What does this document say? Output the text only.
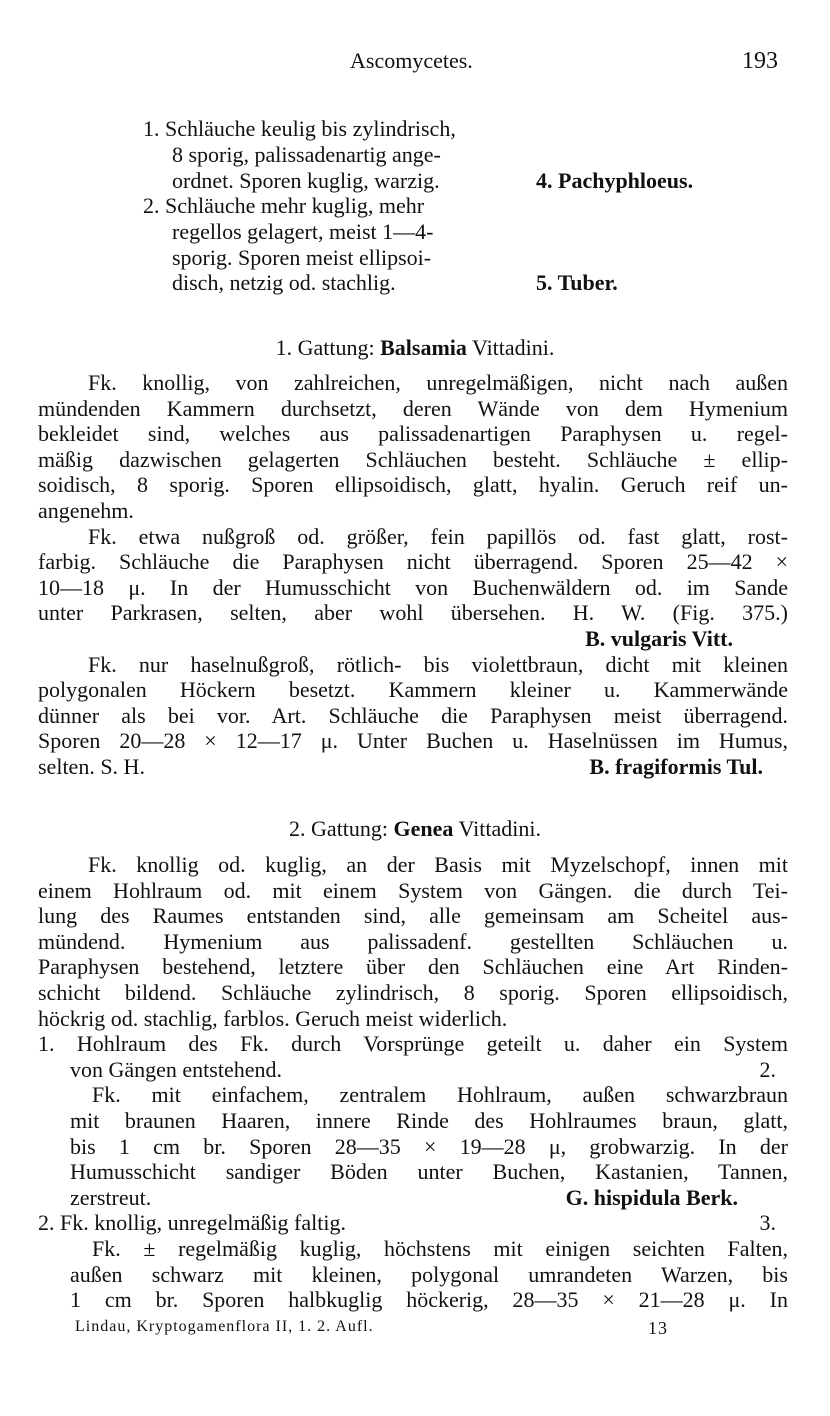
Ascomycetes.	193
1. Schläuche keulig bis zylindrisch,
8 sporig, palissadenartig ange-
ordnet. Sporen kuglig, warzig.	4. Pachyphloeus.
2. Schläuche mehr kuglig, mehr
regellos gelagert, meist 1—4-
sporig. Sporen meist ellipsoi-
disch, netzig od. stachlig.	5. Tuber.
1. Gattung: Balsamia Vittadini.
Fk. knollig, von zahlreichen, unregelmäßigen, nicht nach außen
mündenden Kammern durchsetzt, deren Wände von dem Hymenium
bekleidet sind, welches aus palissadenartigen Paraphysen u. regel-
mäßig dazwischen gelagerten Schläuchen besteht. Schläuche ± ellip-
soidisch, 8 sporig. Sporen ellipsoidisch, glatt, hyalin. Geruch reif un-
angenehm.
Fk. etwa nußgroß od. größer, fein papillös od. fast glatt, rost-
farbig. Schläuche die Paraphysen nicht überragend. Sporen 25—42 ×
10—18 μ. In der Humusschicht von Buchenwäldern od. im Sande
unter Parkrasen, selten, aber wohl übersehen. H. W. (Fig. 375.)
B. vulgaris Vitt.
Fk. nur haselnußgroß, rötlich- bis violettbraun, dicht mit kleinen
polygonalen Höckern besetzt. Kammern kleiner u. Kammerwände
dünner als bei vor. Art. Schläuche die Paraphysen meist überragend.
Sporen 20—28 × 12—17 μ. Unter Buchen u. Haselnüssen im Humus,
selten. S. H.	B. fragiformis Tul.
2. Gattung: Genea Vittadini.
Fk. knollig od. kuglig, an der Basis mit Myzelschopf, innen mit
einem Hohlraum od. mit einem System von Gängen. die durch Tei-
lung des Raumes entstanden sind, alle gemeinsam am Scheitel aus-
mündend. Hymenium aus palissadenf. gestellten Schläuchen u.
Paraphysen bestehend, letztere über den Schläuchen eine Art Rinden-
schicht bildend. Schläuche zylindrisch, 8 sporig. Sporen ellipsoidisch,
höckrig od. stachlig, farblos. Geruch meist widerlich.
1. Hohlraum des Fk. durch Vorsprünge geteilt u. daher ein System
von Gängen entstehend.	2.
Fk. mit einfachem, zentralem Hohlraum, außen schwarzbraun
mit braunen Haaren, innere Rinde des Hohlraumes braun, glatt,
bis 1 cm br. Sporen 28—35 × 19—28 μ, grobwarzig. In der
Humusschicht sandiger Böden unter Buchen, Kastanien, Tannen,
zerstreut.	G. hispidula Berk.
2. Fk. knollig, unregelmäßig faltig.	3.
Fk. ± regelmäßig kuglig, höchstens mit einigen seichten Falten,
außen schwarz mit kleinen, polygonal umrandeten Warzen, bis
1 cm br. Sporen halbkuglig höckerig, 28—35 × 21—28 μ. In
Lindau, Kryptogamenflora II, 1. 2. Aufl.	13
